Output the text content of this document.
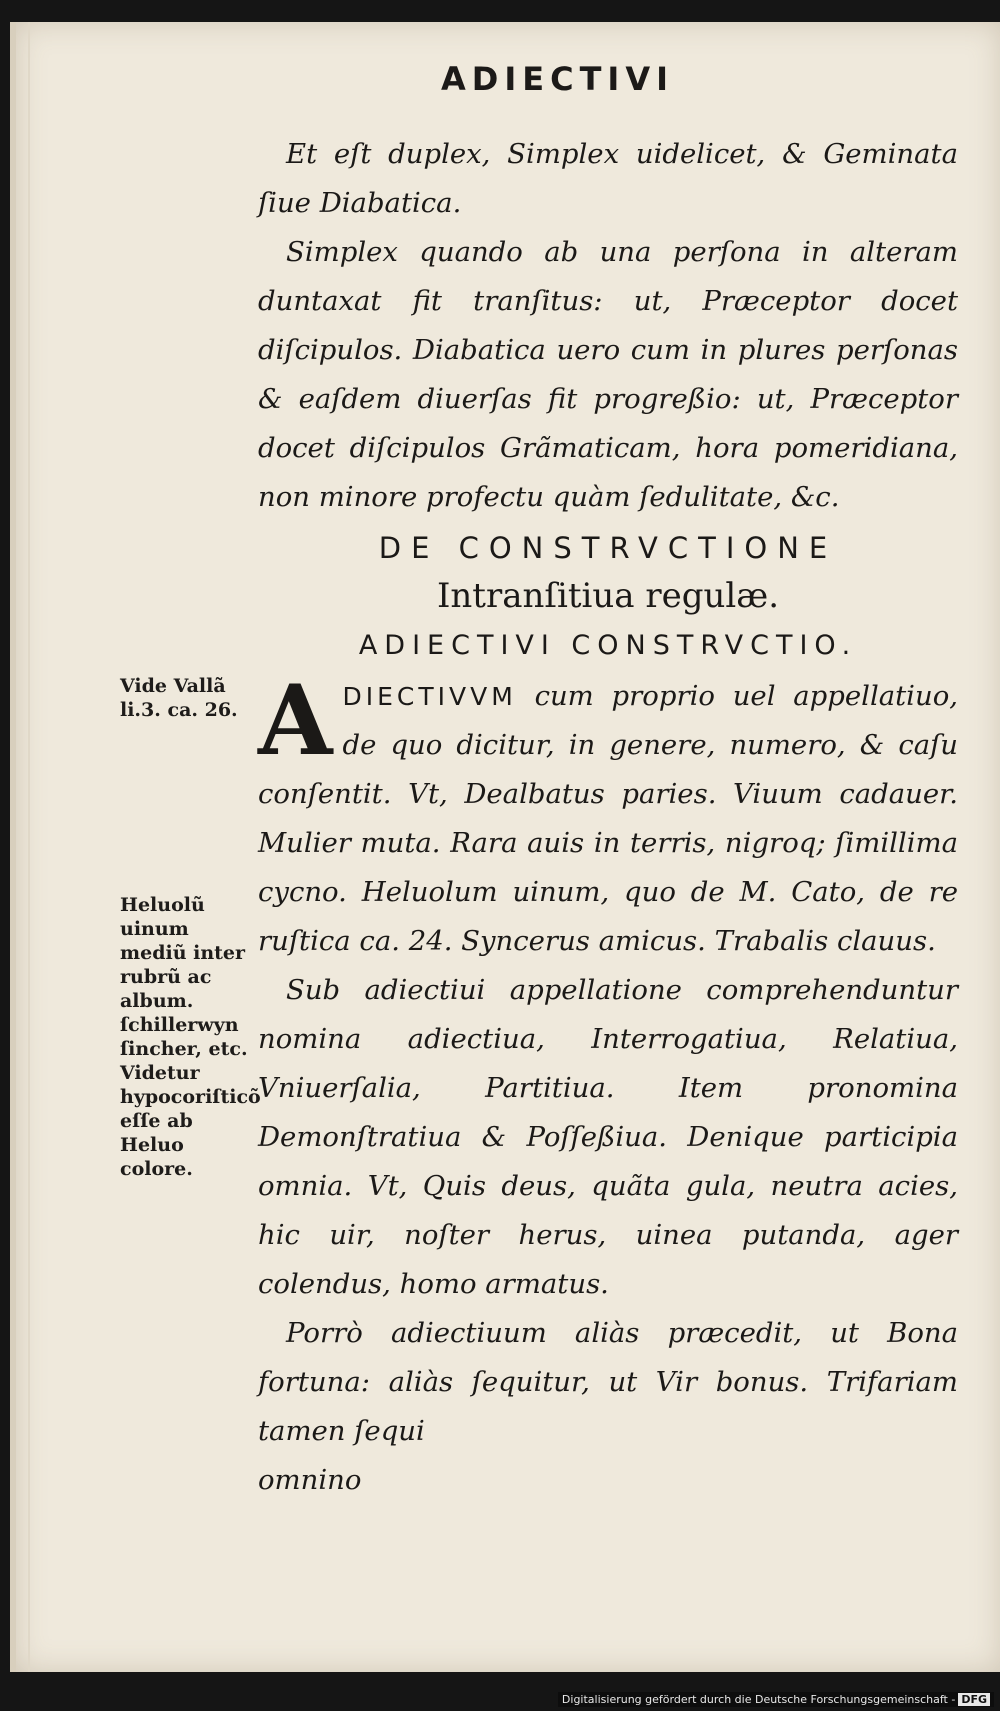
ADIECTIVI
Vide Vallã li.3. ca. 26.
Heluolũ uinum mediũ inter rubrũ ac album. ſchillerwyn ſincher, etc. Videtur hypocoriſticõ eſſe ab Heluo colore.

Et eſt duplex, Simplex uidelicet, & Geminata ſiue Diabatica.

Simplex quando ab una perſona in alteram duntaxat fit tranſitus: ut, Præceptor docet diſcipulos. Diabatica uero cum in plures perſonas & eaſdem diuerſas fit progreßio: ut, Præceptor docet diſcipulos Grãmaticam, hora pomeridiana, non minore profectu quàm ſedulitate, &c.

DE CONSTRVCTIONE
Intranſitiua regulæ.
ADIECTIVI CONSTRVCTIO.

A DIECTIVVM cum proprio uel appellatiuo, de quo dicitur, in genere, numero, & caſu conſentit. Vt, Dealbatus paries. Viuum cadauer. Mulier muta. Rara auis in terris, nigroq; ſimillima cycno. Heluolum uinum, quo de M. Cato, de re ruſtica ca. 24. Syncerus amicus. Trabalis clauus.

Sub adiectiui appellatione comprehenduntur nomina adiectiua, Interrogatiua, Relatiua, Vniuerſalia, Partitiua. Item pronomina Demonſtratiua & Poſſeßiua. Denique participia omnia. Vt, Quis deus, quãta gula, neutra acies, hic uir, noſter herus, uinea putanda, ager colendus, homo armatus.

Porrò adiectiuum aliàs præcedit, ut Bona fortuna: aliàs ſequitur, ut Vir bonus. Trifariam tamen ſequi

omnino

Digitalisierung gefördert durch die Deutsche Forschungsgemeinschaft - DFG
